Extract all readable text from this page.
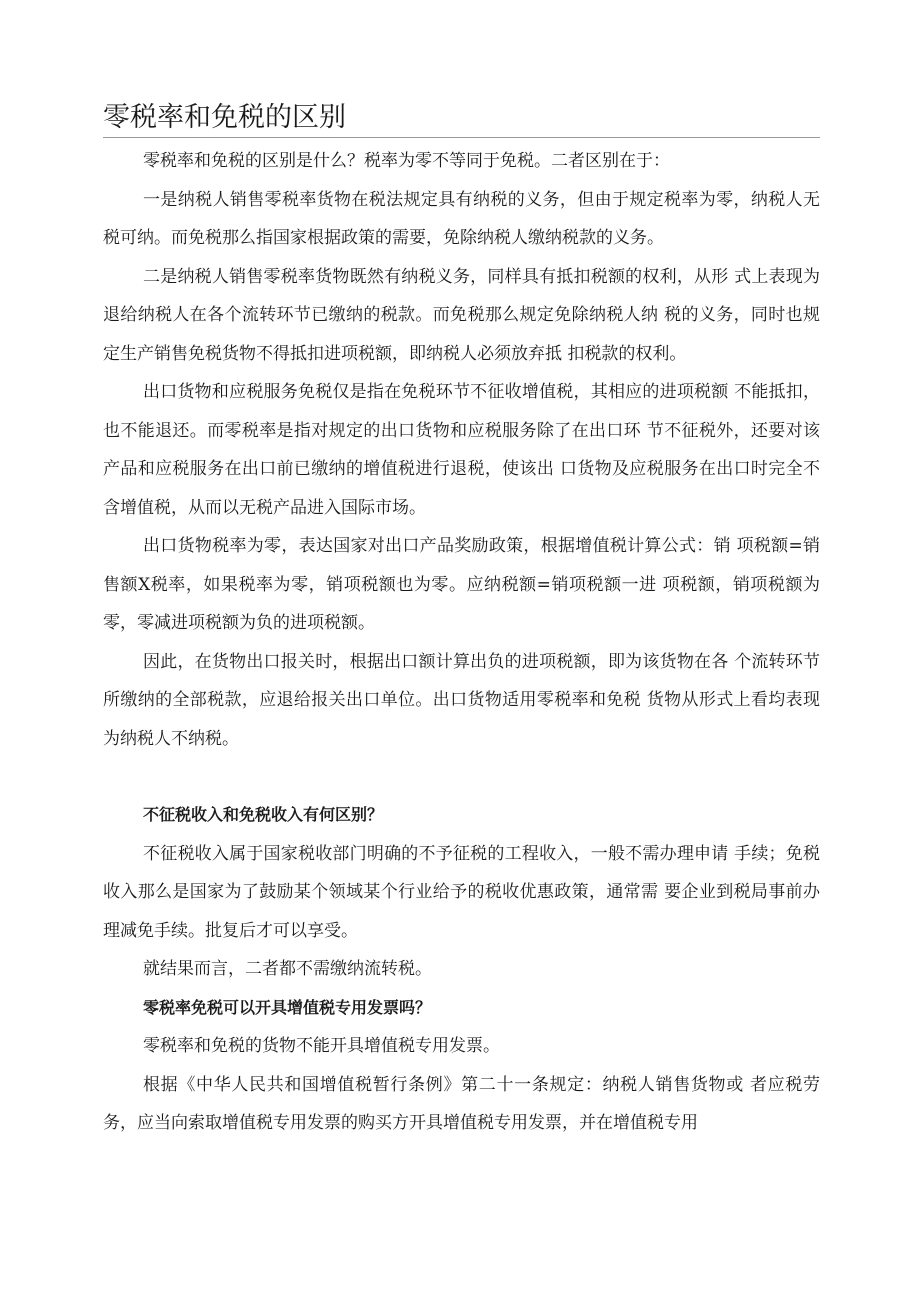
零税率和免税的区别

零税率和免税的区别是什么？税率为零不等同于免税。二者区别在于：

一是纳税人销售零税率货物在税法规定具有纳税的义务，但由于规定税率为零，纳税人无税可纳。而免税那么指国家根据政策的需要，免除纳税人缴纳税款的义务。

二是纳税人销售零税率货物既然有纳税义务，同样具有抵扣税额的权利，从形 式上表现为退给纳税人在各个流转环节已缴纳的税款。而免税那么规定免除纳税人纳 税的义务，同时也规定生产销售免税货物不得抵扣进项税额，即纳税人必须放弃抵 扣税款的权利。

出口货物和应税服务免税仅是指在免税环节不征收增值税，其相应的进项税额 不能抵扣，也不能退还。而零税率是指对规定的出口货物和应税服务除了在出口环 节不征税外，还要对该产品和应税服务在出口前已缴纳的增值税进行退税，使该出 口货物及应税服务在出口时完全不含增值税，从而以无税产品进入国际市场。

出口货物税率为零，表达国家对出口产品奖励政策，根据增值税计算公式：销 项税额=销售额X税率，如果税率为零，销项税额也为零。应纳税额=销项税额一进 项税额，销项税额为零，零减进项税额为负的进项税额。

因此，在货物出口报关时，根据出口额计算出负的进项税额，即为该货物在各 个流转环节所缴纳的全部税款，应退给报关出口单位。出口货物适用零税率和免税 货物从形式上看均表现为纳税人不纳税。

不征税收入和免税收入有何区别？

不征税收入属于国家税收部门明确的不予征税的工程收入，一般不需办理申请 手续；免税收入那么是国家为了鼓励某个领域某个行业给予的税收优惠政策，通常需 要企业到税局事前办理减免手续。批复后才可以享受。

就结果而言，二者都不需缴纳流转税。

零税率免税可以开具增值税专用发票吗？

零税率和免税的货物不能开具增值税专用发票。

根据《中华人民共和国增值税暂行条例》第二十一条规定：纳税人销售货物或 者应税劳务，应当向索取增值税专用发票的购买方开具增值税专用发票，并在增值税专用
